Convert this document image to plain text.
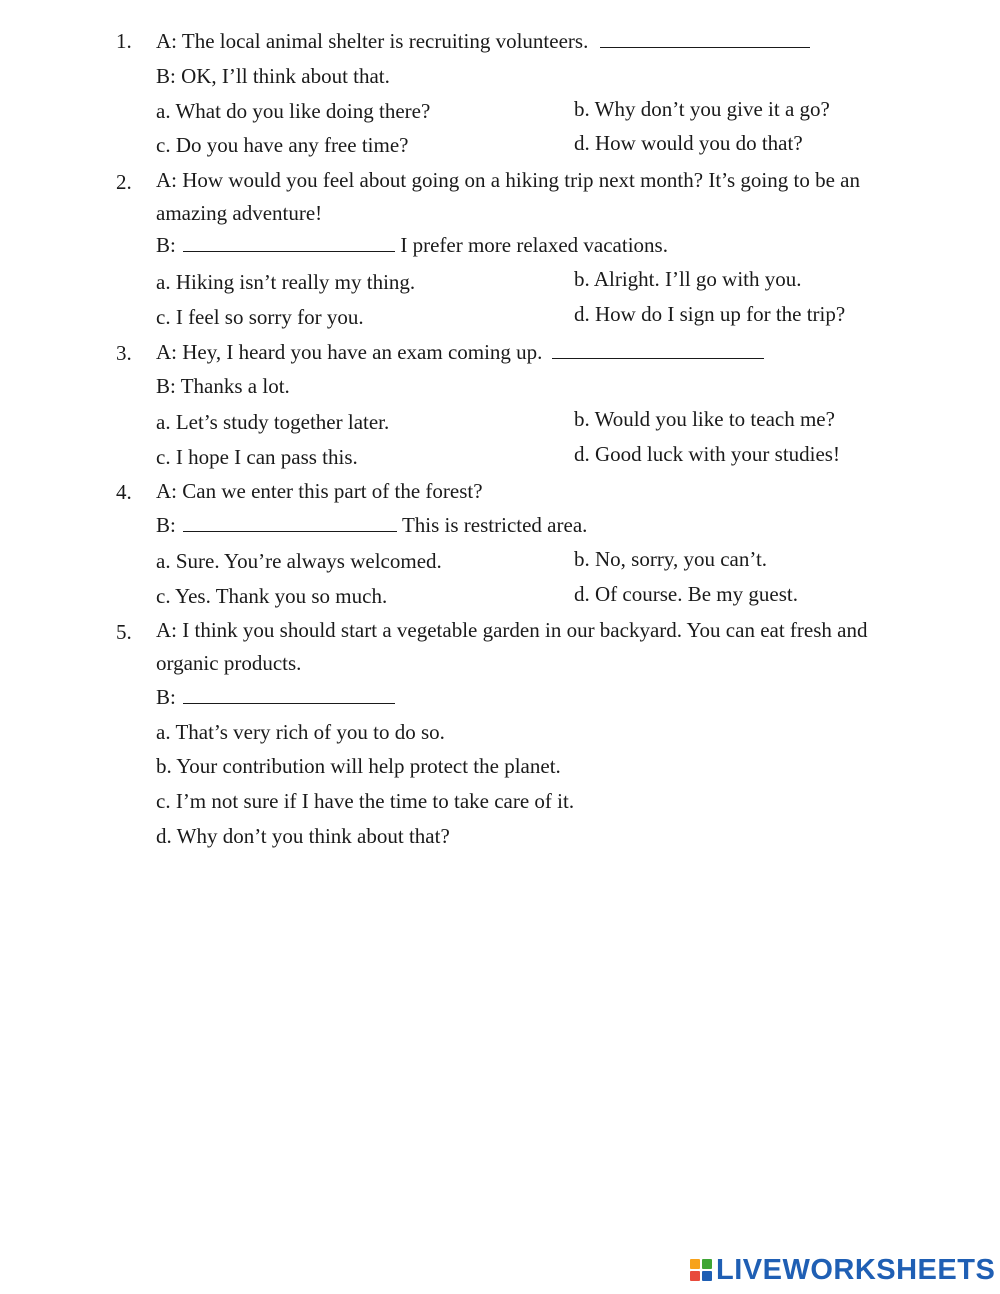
1. A: The local animal shelter is recruiting volunteers.
B: OK, I’ll think about that.
a. What do you like doing there?	b. Why don’t you give it a go?
c. Do you have any free time?	d. How would you do that?
2. A: How would you feel about going on a hiking trip next month? It’s going to be an
amazing adventure!
B:	I prefer more relaxed vacations.
a. Hiking isn’t really my thing.	b. Alright. I’ll go with you.
c. I feel so sorry for you.	d. How do I sign up for the trip?
3. A: Hey, I heard you have an exam coming up.
B: Thanks a lot.
a. Let’s study together later.	b. Would you like to teach me?
c. I hope I can pass this.	d. Good luck with your studies!
4. A: Can we enter this part of the forest?
B:	This is restricted area.
a. Sure. You’re always welcomed.	b. No, sorry, you can’t.
c. Yes. Thank you so much.	d. Of course. Be my guest.
5. A: I think you should start a vegetable garden in our backyard. You can eat fresh and
organic products.
B:
a. That’s very rich of you to do so.
b. Your contribution will help protect the planet.
c. I’m not sure if I have the time to take care of it.
d. Why don’t you think about that?
LIVEWORKSHEETS
